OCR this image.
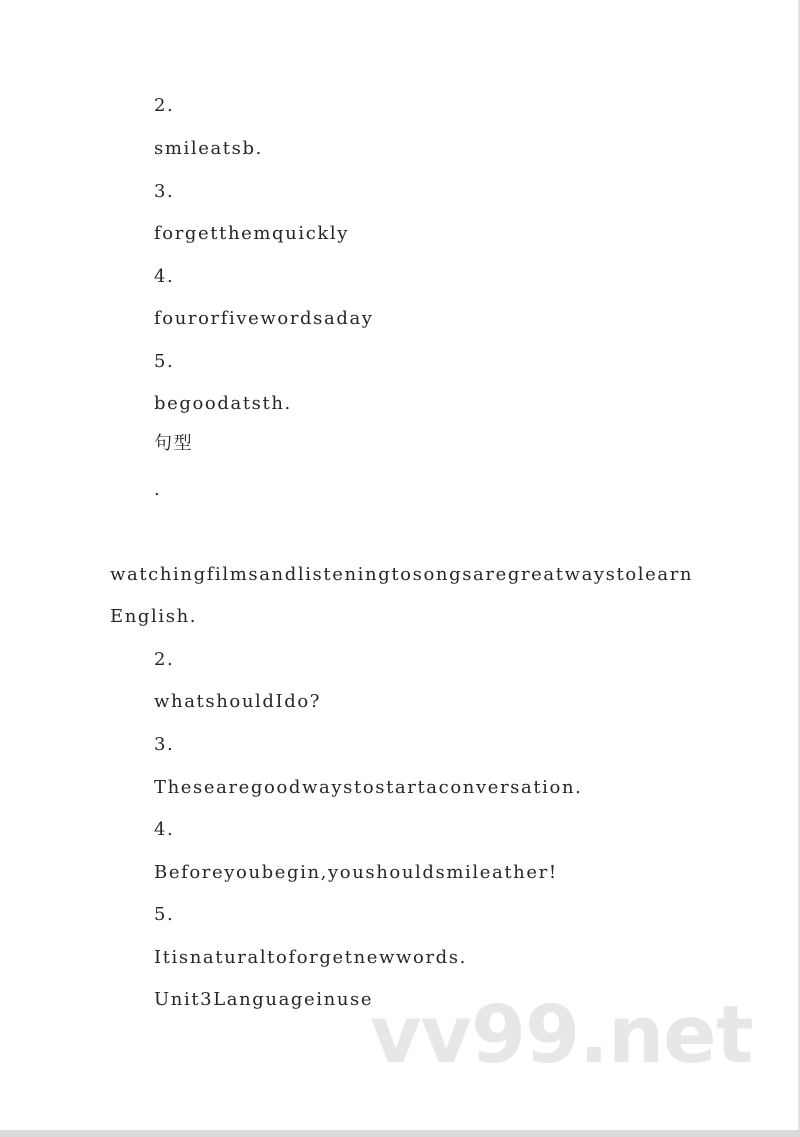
2.
smileatsb.
3.
forgetthemquickly
4.
fourorfivewordsaday
5.
begoodatsth.
句型
.
watchingfilmsandlisteningtosongsaregreatwaystolearn
English.
2.
whatshouldIdo?
3.
Thesearegoodwaystostartaconversation.
4.
Beforeyoubegin,youshouldsmileather!
5.
Itisnaturaltoforgetnewwords.
Unit3Languageinuse
vv99.net
